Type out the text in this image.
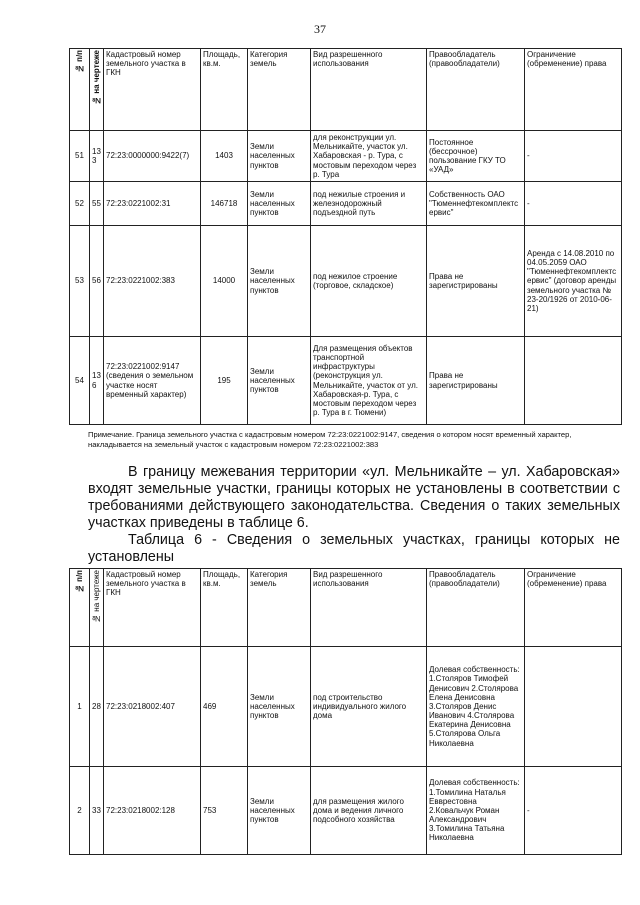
37
№ п/п	№ на чертеже	Кадастровый номер земельного участка в ГКН	Площадь, кв.м.	Категория земель	Вид разрешенного использования	Правообладатель (правообладатели)	Ограничение (обременение) права
51	133	72:23:0000000:9422(7)	1403	Земли населенных пунктов	для реконструкции ул. Мельникайте, участок ул. Хабаровская - р. Тура, с мостовым переходом через р. Тура	Постоянное (бессрочное) пользование ГКУ ТО «УАД»	-
52	55	72:23:0221002:31	146718	Земли населенных пунктов	под нежилые строения и железнодорожный подъездной путь	Собственность ОАО "Тюменнефтекомплектсервис"	-
53	56	72:23:0221002:383	14000	Земли населенных пунктов	под нежилое строение (торговое, складское)	Права не зарегистрированы	Аренда с 14.08.2010 по 04.05.2059 ОАО "Тюменнефтекомплектсервис" (договор аренды земельного участка № 23-20/1926 от 2010-06-21)
54	136	72:23:0221002:9147 (сведения о земельном участке носят временный характер)	195	Земли населенных пунктов	Для размещения объектов транспортной инфраструктуры (реконструкция ул. Мельникайте, участок от ул. Хабаровская-р. Тура, с мостовым переходом через р. Тура в г. Тюмени)	Права не зарегистрированы	
Примечание. Граница земельного участка с кадастровым номером 72:23:0221002:9147, сведения о котором носят временный характер, накладывается на земельный участок с кадастровым номером 72:23:0221002:383
В границу межевания территории «ул. Мельникайте – ул. Хабаровская» входят земельные участки, границы которых не установлены в соответствии с требованиями действующего законодательства. Сведения о таких земельных участках приведены в таблице 6.
Таблица 6 - Сведения о земельных участках, границы которых не установлены
№ п/п	№ на чертеже	Кадастровый номер земельного участка в ГКН	Площадь, кв.м.	Категория земель	Вид разрешенного использования	Правообладатель (правообладатели)	Ограничение (обременение) права
1	28	72:23:0218002:407	469	Земли населенных пунктов	под строительство индивидуального жилого дома	Долевая собственность: 1.Столяров Тимофей Денисович 2.Столярова Елена Денисовна 3.Столяров Денис Иванович 4.Столярова Екатерина Денисовна 5.Столярова Ольга Николаевна	
2	33	72:23:0218002:128	753	Земли населенных пунктов	для размещения жилого дома и ведения личного подсобного хозяйства	Долевая собственность: 1.Томилина Наталья Евврестовна 2.Ковальчук Роман Александрович 3.Томилина Татьяна Николаевна	-
